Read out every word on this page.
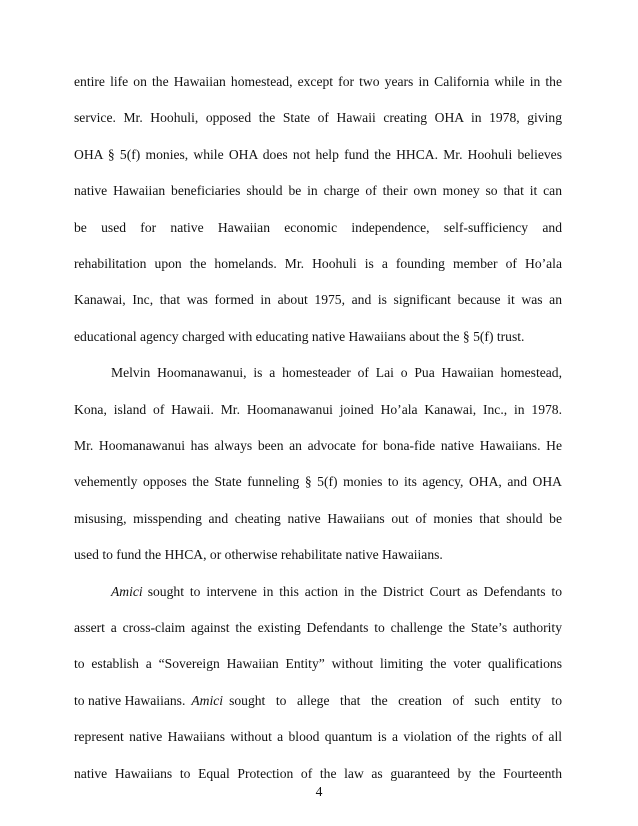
entire life on the Hawaiian homestead, except for two years in California while in the
service. Mr. Hoohuli, opposed the State of Hawaii creating OHA in 1978, giving
OHA § 5(f) monies, while OHA does not help fund the HHCA. Mr. Hoohuli believes
native Hawaiian beneficiaries should be in charge of their own money so that it can
be used for native Hawaiian economic independence, self-sufficiency and
rehabilitation upon the homelands. Mr. Hoohuli is a founding member of Ho’ala
Kanawai, Inc, that was formed in about 1975, and is significant because it was an
educational agency charged with educating native Hawaiians about the § 5(f) trust.
Melvin Hoomanawanui, is a homesteader of Lai o Pua Hawaiian homestead,
Kona, island of Hawaii. Mr. Hoomanawanui joined Ho’ala Kanawai, Inc., in 1978.
Mr. Hoomanawanui has always been an advocate for bona-fide native Hawaiians. He
vehemently opposes the State funneling § 5(f) monies to its agency, OHA, and OHA
misusing, misspending and cheating native Hawaiians out of monies that should be
used to fund the HHCA, or otherwise rehabilitate native Hawaiians.
Amici sought to intervene in this action in the District Court as Defendants to
assert a cross-claim against the existing Defendants to challenge the State’s authority
to establish a “Sovereign Hawaiian Entity” without limiting the voter qualifications
to native Hawaiians. Amici sought to allege that the creation of such entity to
represent native Hawaiians without a blood quantum is a violation of the rights of all
native Hawaiians to Equal Protection of the law as guaranteed by the Fourteenth
4
